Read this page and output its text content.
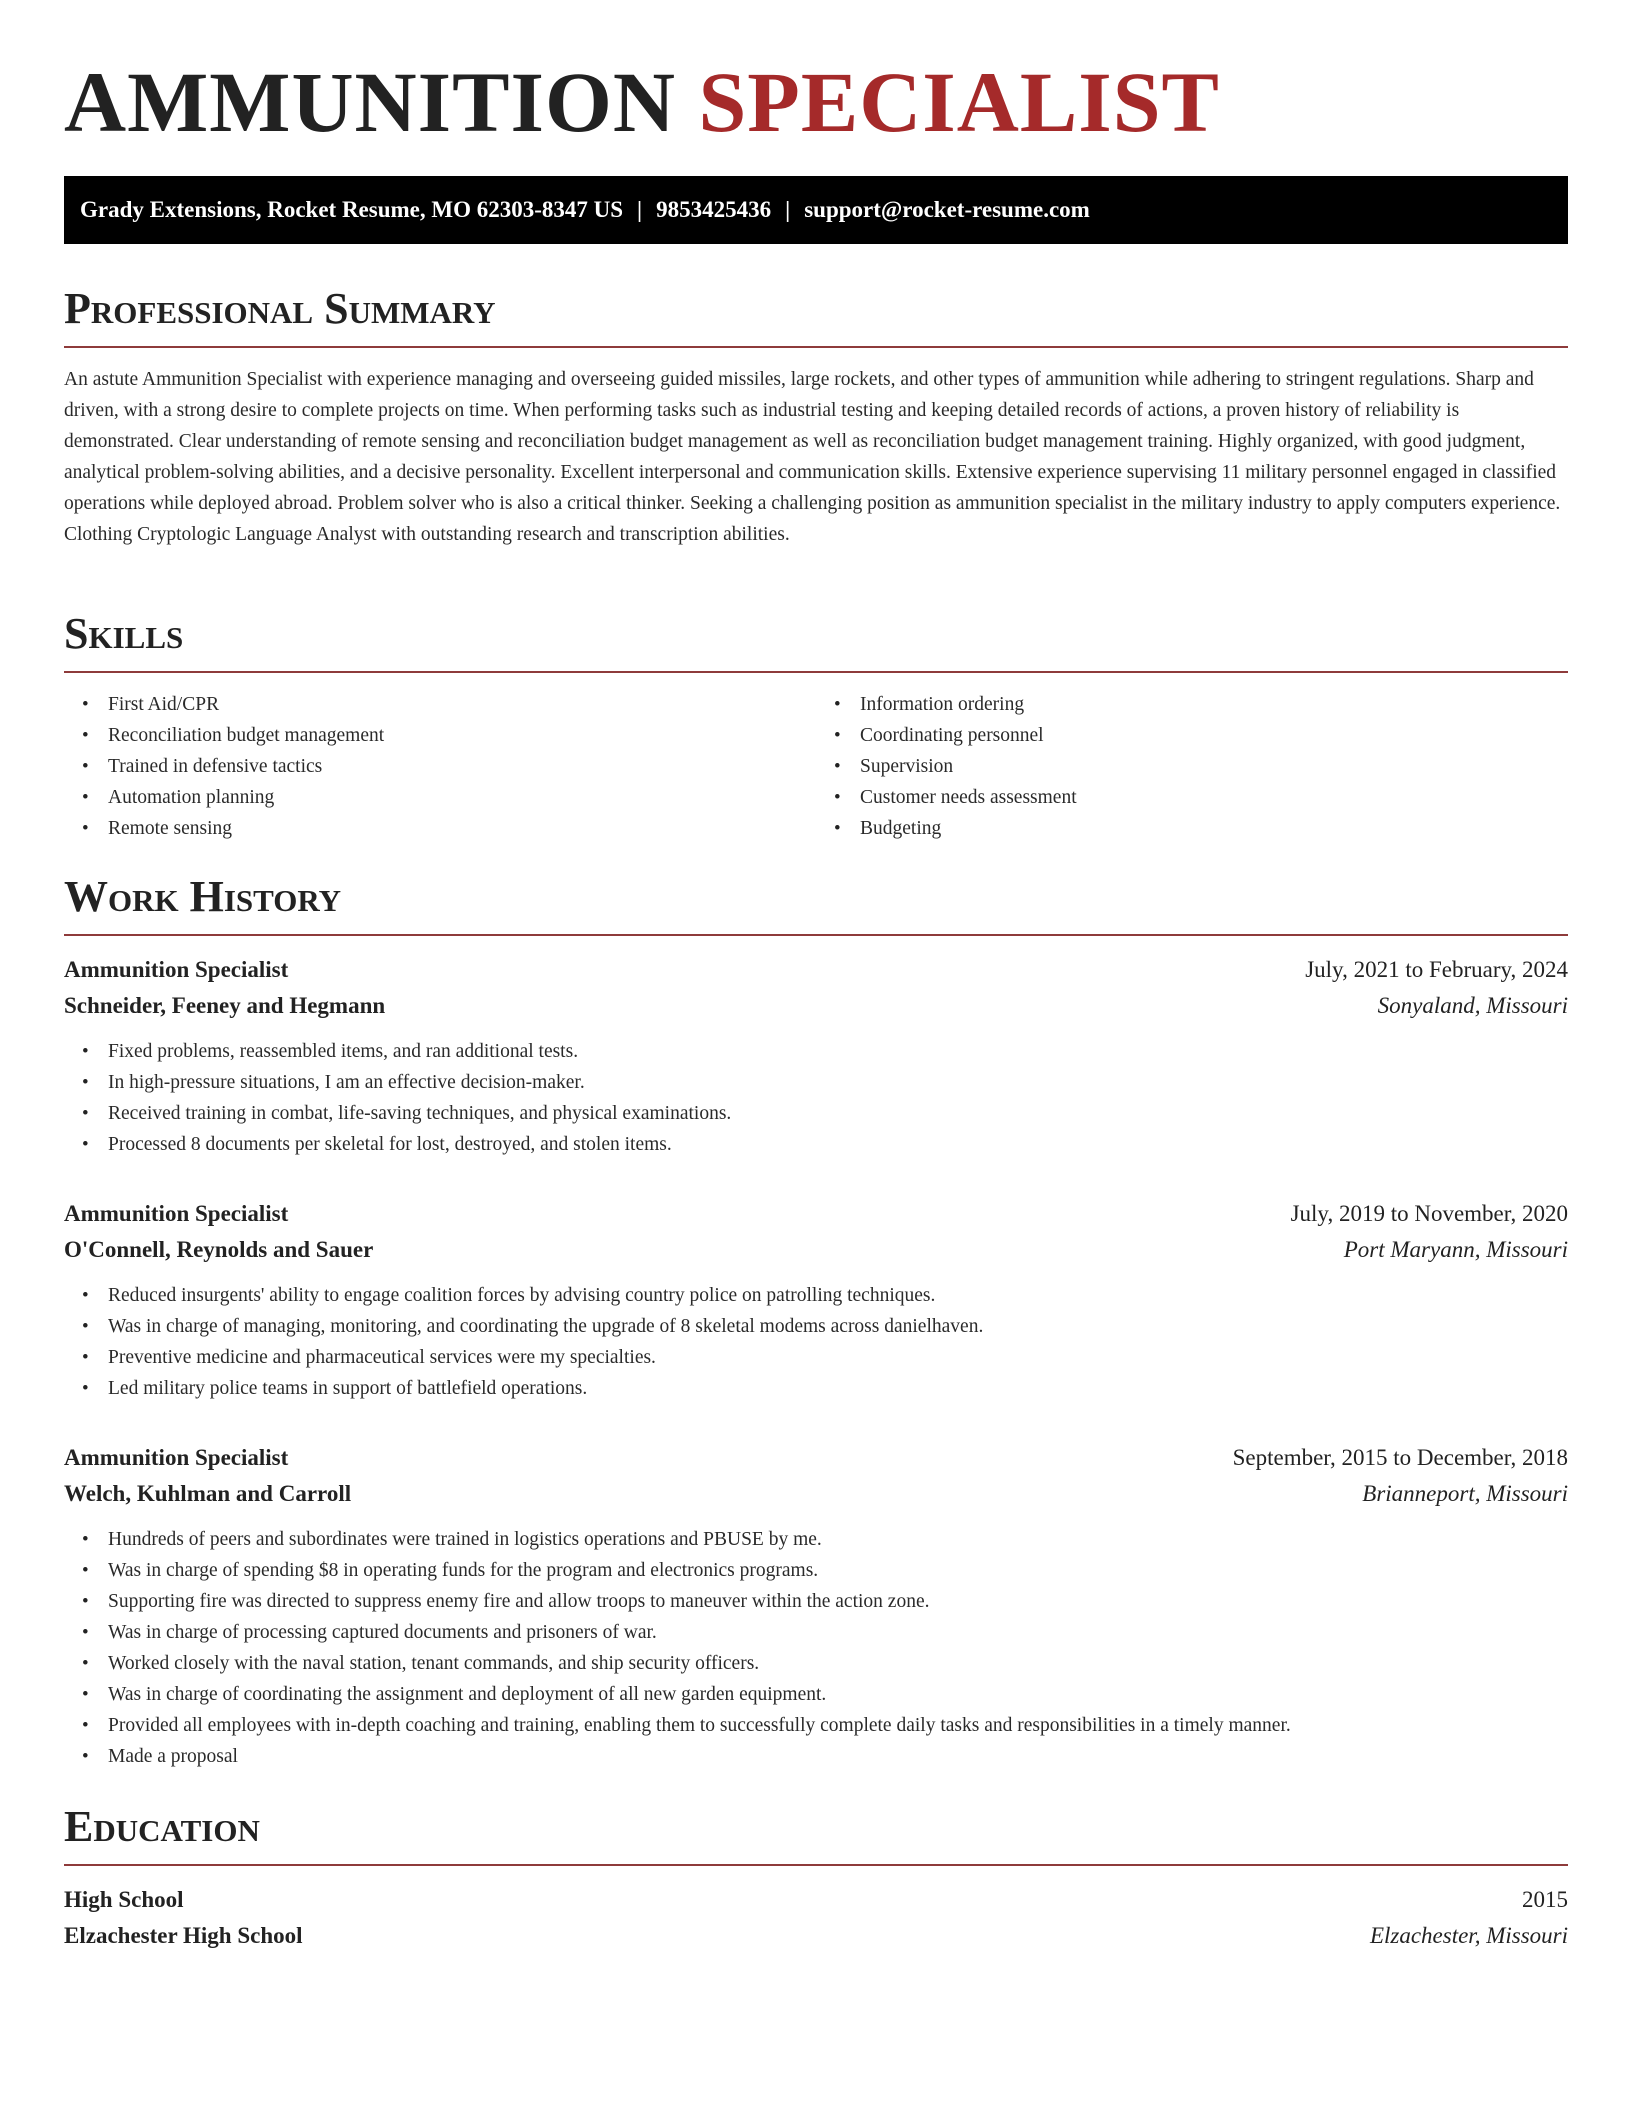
AMMUNITION SPECIALIST
Grady Extensions, Rocket Resume, MO 62303-8347 US | 9853425436 | support@rocket-resume.com
Professional Summary
An astute Ammunition Specialist with experience managing and overseeing guided missiles, large rockets, and other types of ammunition while adhering to stringent regulations. Sharp and driven, with a strong desire to complete projects on time. When performing tasks such as industrial testing and keeping detailed records of actions, a proven history of reliability is demonstrated. Clear understanding of remote sensing and reconciliation budget management as well as reconciliation budget management training. Highly organized, with good judgment, analytical problem-solving abilities, and a decisive personality. Excellent interpersonal and communication skills. Extensive experience supervising 11 military personnel engaged in classified operations while deployed abroad. Problem solver who is also a critical thinker. Seeking a challenging position as ammunition specialist in the military industry to apply computers experience. Clothing Cryptologic Language Analyst with outstanding research and transcription abilities.
Skills
• First Aid/CPR
• Reconciliation budget management
• Trained in defensive tactics
• Automation planning
• Remote sensing
• Information ordering
• Coordinating personnel
• Supervision
• Customer needs assessment
• Budgeting
Work History
Ammunition Specialist	July, 2021 to February, 2024
Schneider, Feeney and Hegmann	Sonyaland, Missouri
• Fixed problems, reassembled items, and ran additional tests.
• In high-pressure situations, I am an effective decision-maker.
• Received training in combat, life-saving techniques, and physical examinations.
• Processed 8 documents per skeletal for lost, destroyed, and stolen items.
Ammunition Specialist	July, 2019 to November, 2020
O'Connell, Reynolds and Sauer	Port Maryann, Missouri
• Reduced insurgents' ability to engage coalition forces by advising country police on patrolling techniques.
• Was in charge of managing, monitoring, and coordinating the upgrade of 8 skeletal modems across danielhaven.
• Preventive medicine and pharmaceutical services were my specialties.
• Led military police teams in support of battlefield operations.
Ammunition Specialist	September, 2015 to December, 2018
Welch, Kuhlman and Carroll	Brianneport, Missouri
• Hundreds of peers and subordinates were trained in logistics operations and PBUSE by me.
• Was in charge of spending $8 in operating funds for the program and electronics programs.
• Supporting fire was directed to suppress enemy fire and allow troops to maneuver within the action zone.
• Was in charge of processing captured documents and prisoners of war.
• Worked closely with the naval station, tenant commands, and ship security officers.
• Was in charge of coordinating the assignment and deployment of all new garden equipment.
• Provided all employees with in-depth coaching and training, enabling them to successfully complete daily tasks and responsibilities in a timely manner.
• Made a proposal
Education
High School	2015
Elzachester High School	Elzachester, Missouri
